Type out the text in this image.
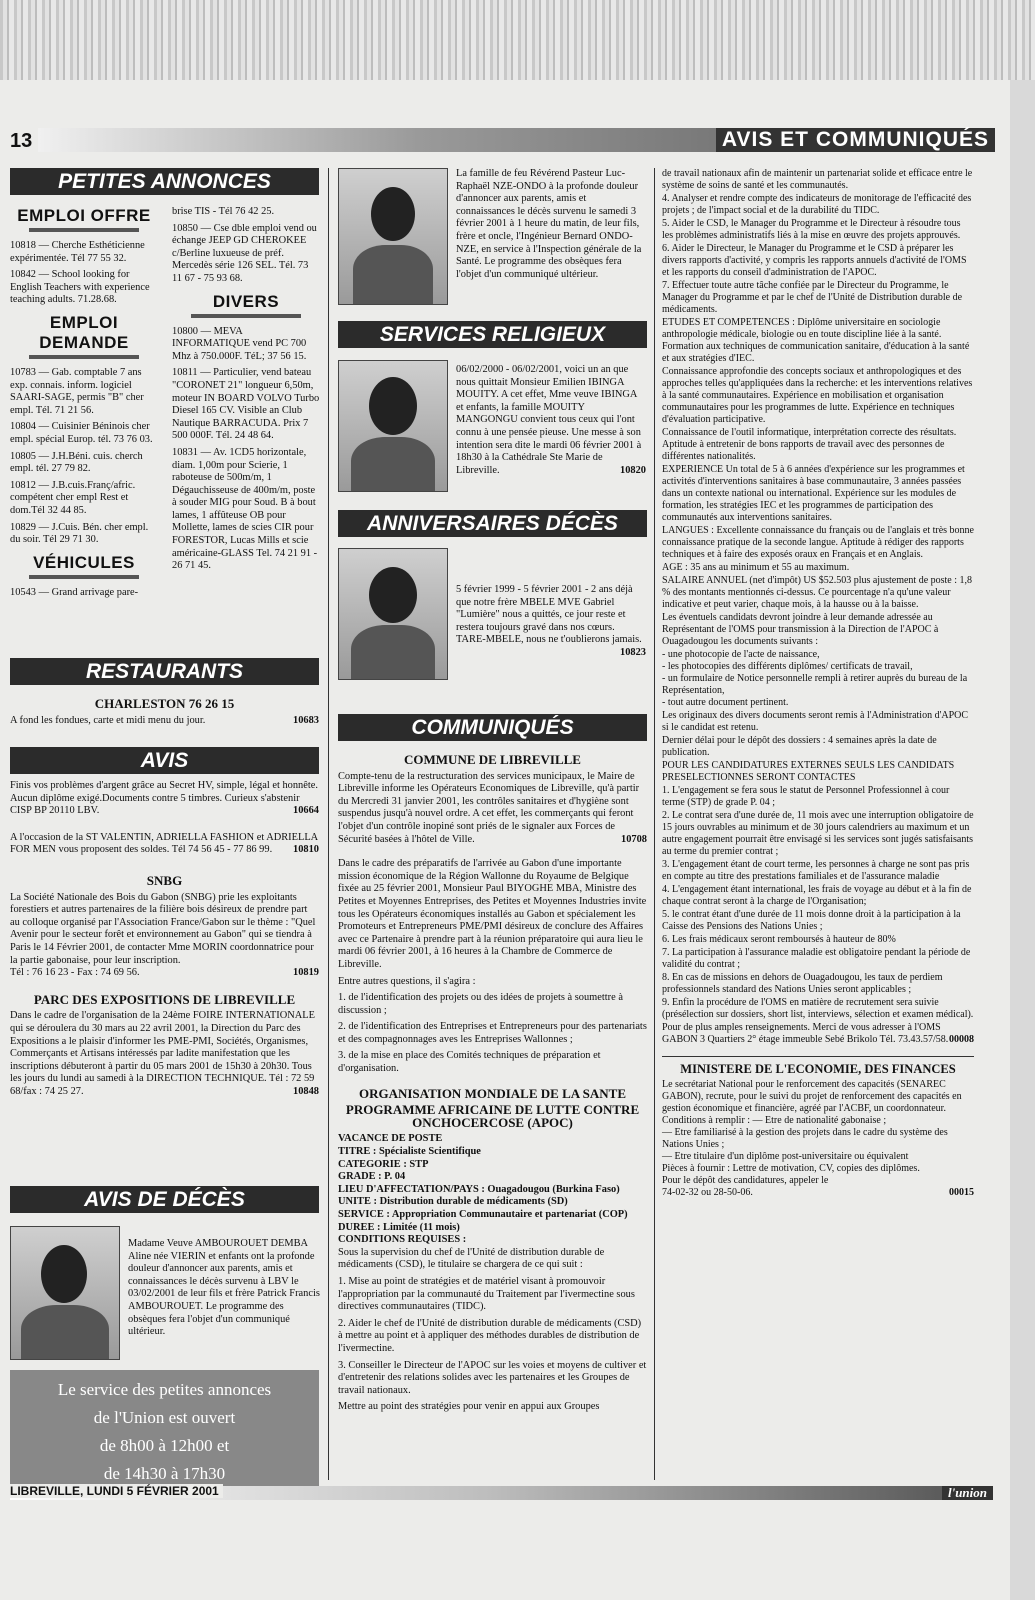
13	AVIS ET COMMUNIQUÉS
PETITES ANNONCES
EMPLOI OFFRE

10818 — Cherche Esthéticienne expérimentée. Tél 77 55 32.

10842 — School looking for English Teachers with experience teaching adults. 71.28.68.

EMPLOI DEMANDE

10783 — Gab. comptable 7 ans exp. connais. inform. logiciel SAARI-SAGE, permis "B" cher empl. Tél. 71 21 56.

10804 — Cuisinier Béninois cher empl. spécial Europ. tél. 73 76 03.

10805 — J.H.Béni. cuis. cherch empl. tél. 27 79 82.

10812 — J.B.cuis.Franç/afric. compétent cher empl Rest et dom.Tél 32 44 85.

10829 — J.Cuis. Bén. cher empl. du soir. Tél 29 71 30.

VÉHICULES

10543 — Grand arrivage pare-

brise TIS - Tél 76 42 25.

10850 — Cse dble emploi vend ou échange JEEP GD CHEROKEE c/Berline luxueuse de préf. Mercedès série 126 SEL. Tél. 73 11 67 - 75 93 68.

DIVERS

10800 — MEVA INFORMATIQUE vend PC 700 Mhz à 750.000F. TéL; 37 56 15.

10811 — Particulier, vend bateau "CORONET 21" longueur 6,50m, moteur IN BOARD VOLVO Turbo Diesel 165 CV. Visible an Club Nautique BARRACUDA. Prix 7 500 000F. Tél. 24 48 64.

10831 — Av. 1CD5 horizontale, diam. 1,00m pour Scierie, 1 raboteuse de 500m/m, 1 Dégauchisseuse de 400m/m, poste à souder MIG pour Soud. B à bout lames, 1 affûteuse OB pour Mollette, lames de scies CIR pour FORESTOR, Lucas Mills et scie américaine-GLASS Tel. 74 21 91 - 26 71 45.

RESTAURANTS
CHARLESTON 76 26 15

A fond les fondues, carte et midi menu du jour.	10683

AVIS

Finis vos problèmes d'argent grâce au Secret HV, simple, légal et honnête. Aucun diplôme exigé.Documents contre 5 timbres. Curieux s'abstenir CISP BP 20110 LBV.	10664

A l'occasion de la ST VALENTIN, ADRIELLA FASHION et ADRIELLA FOR MEN vous proposent des soldes. Tél 74 56 45 - 77 86 99. 10810

SNBG

La Société Nationale des Bois du Gabon (SNBG) prie les exploitants forestiers et autres partenaires de la filière bois désireux de prendre part au colloque organisé par l'Association France/Gabon sur le thème : "Quel Avenir pour le secteur forêt et environnement au Gabon" qui se tiendra à Paris le 14 Février 2001, de contacter Mme MORIN coordonnatrice pour la partie gabonaise, pour leur inscription.
Tél : 76 16 23 - Fax : 74 69 56.	10819

PARC DES EXPOSITIONS DE LIBREVILLE

Dans le cadre de l'organisation de la 24ème FOIRE INTERNATIONALE qui se déroulera du 30 mars au 22 avril 2001, la Direction du Parc des Expositions a le plaisir d'informer les PME-PMI, Sociétés, Organismes, Commerçants et Artisans intéressés par ladite manifestation que les inscriptions débuteront à partir du 05 mars 2001 de 15h30 à 20h30. Tous les jours du lundi au samedi à la DIRECTION TECHNIQUE. Tél : 72 59 68/fax : 74 25 27.	10848

AVIS DE DÉCÈS
Madame Veuve AMBOUROUET DEMBA Aline née VIERIN et enfants ont la profonde douleur d'annoncer aux parents, amis et connaissances le décès survenu à LBV le 03/02/2001 de leur fils et frère Patrick Francis AMBOUROUET. Le programme des obsèques fera l'objet d'un communiqué ultérieur.
Le service des petites annonces
de l'Union est ouvert
de 8h00 à 12h00 et
de 14h30 à 17h30
La famille de feu Révérend Pasteur Luc-Raphaël NZE-ONDO à la profonde douleur d'annoncer aux parents, amis et connaissances le décès survenu le samedi 3 février 2001 à 1 heure du matin, de leur fils, frère et oncle, l'Ingénieur Bernard ONDO-NZE, en service à l'Inspection générale de la Santé. Le programme des obsèques fera l'objet d'un communiqué ultérieur.
SERVICES RELIGIEUX
06/02/2000 - 06/02/2001, voici un an que nous quittait Monsieur Emilien IBINGA MOUITY. A cet effet, Mme veuve IBINGA et enfants, la famille MOUITY MANGONGU convient tous ceux qui l'ont connu à une pensée pieuse. Une messe à son intention sera dite le mardi 06 février 2001 à 18h30 à la Cathédrale Ste Marie de Libreville.	10820
ANNIVERSAIRES DÉCÈS
5 février 1999 - 5 février 2001 - 2 ans déjà que notre frère MBELE MVE Gabriel "Lumière" nous a quittés, ce jour reste et restera toujours gravé dans nos cœurs. TARE-MBELE, nous ne t'oublierons jamais.
10823
COMMUNIQUÉS
COMMUNE DE LIBREVILLE

Compte-tenu de la restructuration des services municipaux, le Maire de Libreville informe les Opérateurs Economiques de Libreville, qu'à partir du Mercredi 31 janvier 2001, les contrôles sanitaires et d'hygiène sont suspendus jusqu'à nouvel ordre. A cet effet, les commerçants qui feront l'objet d'un contrôle inopiné sont priés de le signaler aux Forces de Sécurité basées à l'hôtel de Ville.	10708

Dans le cadre des préparatifs de l'arrivée au Gabon d'une importante mission économique de la Région Wallonne du Royaume de Belgique fixée au 25 février 2001, Monsieur Paul BIYOGHE MBA, Ministre des Petites et Moyennes Entreprises, des Petites et Moyennes Industries invite tous les Opérateurs économiques installés au Gabon et spécialement les Promoteurs et Entrepreneurs PME/PMI désireux de conclure des Affaires avec ce Partenaire à prendre part à la réunion préparatoire qui aura lieu le mardi 06 février 2001, à 16 heures à la Chambre de Commerce de Libreville.

Entre autres questions, il s'agira :

1. de l'identification des projets ou des idées de projets à soumettre à discussion ;

2. de l'identification des Entreprises et Entrepreneurs pour des partenariats et des compagnonnages aves les Entreprises Wallonnes ;

3. de la mise en place des Comités techniques de préparation et d'organisation.

ORGANISATION MONDIALE DE LA SANTE
PROGRAMME AFRICAINE DE LUTTE CONTRE ONCHOCERCOSE (APOC)
VACANCE DE POSTE
TITRE : Spécialiste Scientifique
CATEGORIE : STP
GRADE : P. 04
LIEU D'AFFECTATION/PAYS : Ouagadougou (Burkina Faso)
UNITE : Distribution durable de médicaments (SD)
SERVICE : Appropriation Communautaire et partenariat (COP)
DUREE : Limitée (11 mois)
CONDITIONS REQUISES :

Sous la supervision du chef de l'Unité de distribution durable de médicaments (CSD), le titulaire se chargera de ce qui suit :

1. Mise au point de stratégies et de matériel visant à promouvoir l'appropriation par la communauté du Traitement par l'ivermectine sous directives communautaires (TIDC).

2. Aider le chef de l'Unité de distribution durable de médicaments (CSD) à mettre au point et à appliquer des méthodes durables de distribution de l'ivermectine.

3. Conseiller le Directeur de l'APOC sur les voies et moyens de cultiver et d'entretenir des relations solides avec les partenaires et les Groupes de travail nationaux.

Mettre au point des stratégies pour venir en appui aux Groupes

de travail nationaux afin de maintenir un partenariat solide et efficace entre le système de soins de santé et les communautés.

4. Analyser et rendre compte des indicateurs de monitorage de l'efficacité des projets ; de l'impact social et de la durabilité du TIDC.

5. Aider le CSD, le Manager du Programme et le Directeur à résoudre tous les problèmes administratifs liés à la mise en œuvre des projets approuvés.

6. Aider le Directeur, le Manager du Programme et le CSD à préparer les divers rapports d'activité, y compris les rapports annuels d'activité de l'OMS et les rapports du conseil d'administration de l'APOC.

7. Effectuer toute autre tâche confiée par le Directeur du Programme, le Manager du Programme et par le chef de l'Unité de Distribution durable de médicaments.

ETUDES ET COMPETENCES : Diplôme universitaire en sociologie anthropologie médicale, biologie ou en toute discipline liée à la santé. Formation aux techniques de communication sanitaire, d'éducation à la santé et aux stratégies d'IEC.

Connaissance approfondie des concepts sociaux et anthropologiques et des approches telles qu'appliquées dans la recherche: et les interventions relatives à la santé communautaires. Expérience en mobilisation et organisation communautaires pour les programmes de lutte. Expérience en techniques d'évaluation participative.

Connaissance de l'outil informatique, interprétation correcte des résultats. Aptitude à entretenir de bons rapports de travail avec des personnes de différentes nationalités.

EXPERIENCE Un total de 5 à 6 années d'expérience sur les programmes et activités d'interventions sanitaires à base communautaire, 3 années passées dans un contexte national ou international. Expérience sur les modules de formation, les stratégies IEC et les programmes de participation des communautés aux interventions sanitaires.

LANGUES : Excellente connaissance du français ou de l'anglais et très bonne connaissance pratique de la seconde langue. Aptitude à rédiger des rapports techniques et à faire des exposés oraux en Français et en Anglais.

AGE : 35 ans au minimum et 55 au maximum.

SALAIRE ANNUEL (net d'impôt) US $52.503 plus ajustement de poste : 1,8 % des montants mentionnés ci-dessus. Ce pourcentage n'a qu'une valeur indicative et peut varier, chaque mois, à la hausse ou à la baisse.

Les éventuels candidats devront joindre à leur demande adressée au Représentant de l'OMS pour transmission à la Direction de l'APOC à Ouagadougou les documents suivants :

- une photocopie de l'acte de naissance,

- les photocopies des différents diplômes/ certificats de travail,

- un formulaire de Notice personnelle rempli à retirer auprès du bureau de la Représentation,

- tout autre document pertinent.

Les originaux des divers documents seront remis à l'Administration d'APOC si le candidat est retenu.

Dernier délai pour le dépôt des dossiers : 4 semaines après la date de publication.

POUR LES CANDIDATURES EXTERNES SEULS LES CANDIDATS PRESELECTIONNES SERONT CONTACTES

1. L'engagement se fera sous le statut de Personnel Professionnel à cour terme (STP) de grade P. 04 ;

2. Le contrat sera d'une durée de, 11 mois avec une interruption obligatoire de 15 jours ouvrables au minimum et de 30 jours calendriers au maximum et un autre engagement pourrait être envisagé si les services sont jugés satisfaisants au terme du premier contrat ;

3. L'engagement étant de court terme, les personnes à charge ne sont pas pris en compte au titre des prestations familiales et de l'assurance maladie

4. L'engagement étant international, les frais de voyage au début et à la fin de chaque contrat seront à la charge de l'Organisation;

5. le contrat étant d'une durée de 11 mois donne droit à la participation à la Caisse des Pensions des Nations Unies ;

6. Les frais médicaux seront remboursés à hauteur de 80%

7. La participation à l'assurance maladie est obligatoire pendant la période de validité du contrat ;

8. En cas de missions en dehors de Ouagadougou, les taux de perdiem professionnels standard des Nations Unies seront applicables ;

9. Enfin la procédure de l'OMS en matière de recrutement sera suivie (présélection sur dossiers, short list, interviews, sélection et examen médical).

Pour de plus amples renseignements. Merci de vous adresser à l'OMS GABON 3 Quartiers 2° étage immeuble Sebé Brikolo Tél. 73.43.57/58. 00008

MINISTERE DE L'ECONOMIE, DES FINANCES
Le secrétariat National pour le renforcement des capacités (SENAREC GABON), recrute, pour le suivi du projet de renforcement des capacités en gestion économique et financière, agréé par l'ACBF, un coordonnateur.
Conditions à remplir : — Etre de nationalité gabonaise ;
— Etre familiarisé à la gestion des projets dans le cadre du système des Nations Unies ;
— Etre titulaire d'un diplôme post-universitaire ou équivalent
Pièces à fournir : Lettre de motivation, CV, copies des diplômes.
Pour le dépôt des candidatures, appeler le
74-02-32 ou 28-50-06.	00015
LIBREVILLE, LUNDI 5 FÉVRIER 2001	l'union
